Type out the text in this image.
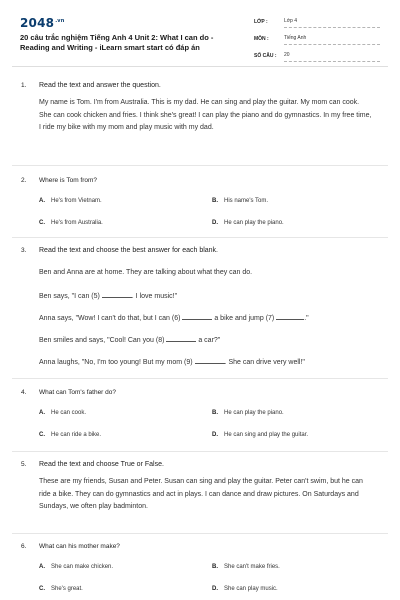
$2048^{.vn}$
20 câu trắc nghiệm Tiếng Anh 4 Unit 2: What I can do - Reading and Writing - iLearn smart start có đáp án
LỚP :	Lớp 4
MÔN :	Tiếng Anh
SỐ CÂU : 20
1. Read the text and answer the question.
My name is Tom. I'm from Australia. This is my dad. He can sing and play the guitar. My mom can cook. She can cook chicken and fries. I think she's great! I can play the piano and do gymnastics. In my free time, I ride my bike with my mom and play music with my dad.
2. Where is Tom from?
A. He's from Vietnam.	B. His name's Tom.
C. He's from Australia.	D. He can play the piano.
3. Read the text and choose the best answer for each blank.
Ben and Anna are at home. They are talking about what they can do.
Ben says, "I can (5)	. I love music!"
Anna says, "Wow! I can't do that, but I can (6)	a bike and jump (7)	."
Ben smiles and says, "Cool! Can you (8)	a car?"
Anna laughs, "No, I'm too young! But my mom (9)	. She can drive very well!"
4. What can Tom's father do?
A. He can cook.	B. He can play the piano.
C. He can ride a bike.	D. He can sing and play the guitar.
5. Read the text and choose True or False.
These are my friends, Susan and Peter. Susan can sing and play the guitar. Peter can't swim, but he can ride a bike. They can do gymnastics and act in plays. I can dance and draw pictures. On Saturdays and Sundays, we often play badminton.
6. What can his mother make?
A. She can make chicken.	B. She can't make fries.
C. She's great.	D. She can play music.
